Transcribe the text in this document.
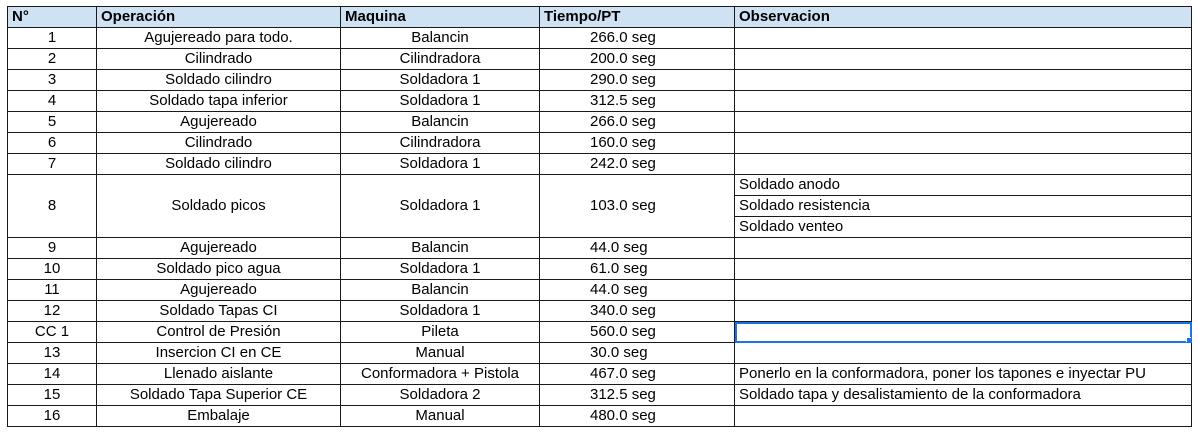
N°	Operación	Maquina	Tiempo/PT	Observacion
1	Agujereado para todo.	Balancin	266.0 seg	
2	Cilindrado	Cilindradora	200.0 seg	
3	Soldado cilindro	Soldadora 1	290.0 seg	
4	Soldado tapa inferior	Soldadora 1	312.5 seg	
5	Agujereado	Balancin	266.0 seg	
6	Cilindrado	Cilindradora	160.0 seg	
7	Soldado cilindro	Soldadora 1	242.0 seg	
8	Soldado picos	Soldadora 1	103.0 seg	Soldado anodo
Soldado resistencia
Soldado venteo

9	Agujereado	Balancin	44.0 seg	
10	Soldado pico agua	Soldadora 1	61.0 seg	
11	Agujereado	Balancin	44.0 seg	
12	Soldado Tapas CI	Soldadora 1	340.0 seg	
CC 1	Control de Presión	Pileta	560.0 seg	

13	Insercion CI en CE	Manual	30.0 seg	
14	Llenado aislante	Conformadora + Pistola	467.0 seg	Ponerlo en la conformadora, poner los tapones e inyectar PU
15	Soldado Tapa Superior CE	Soldadora 2	312.5 seg	Soldado tapa y desalistamiento de la conformadora
16	Embalaje	Manual	480.0 seg	
